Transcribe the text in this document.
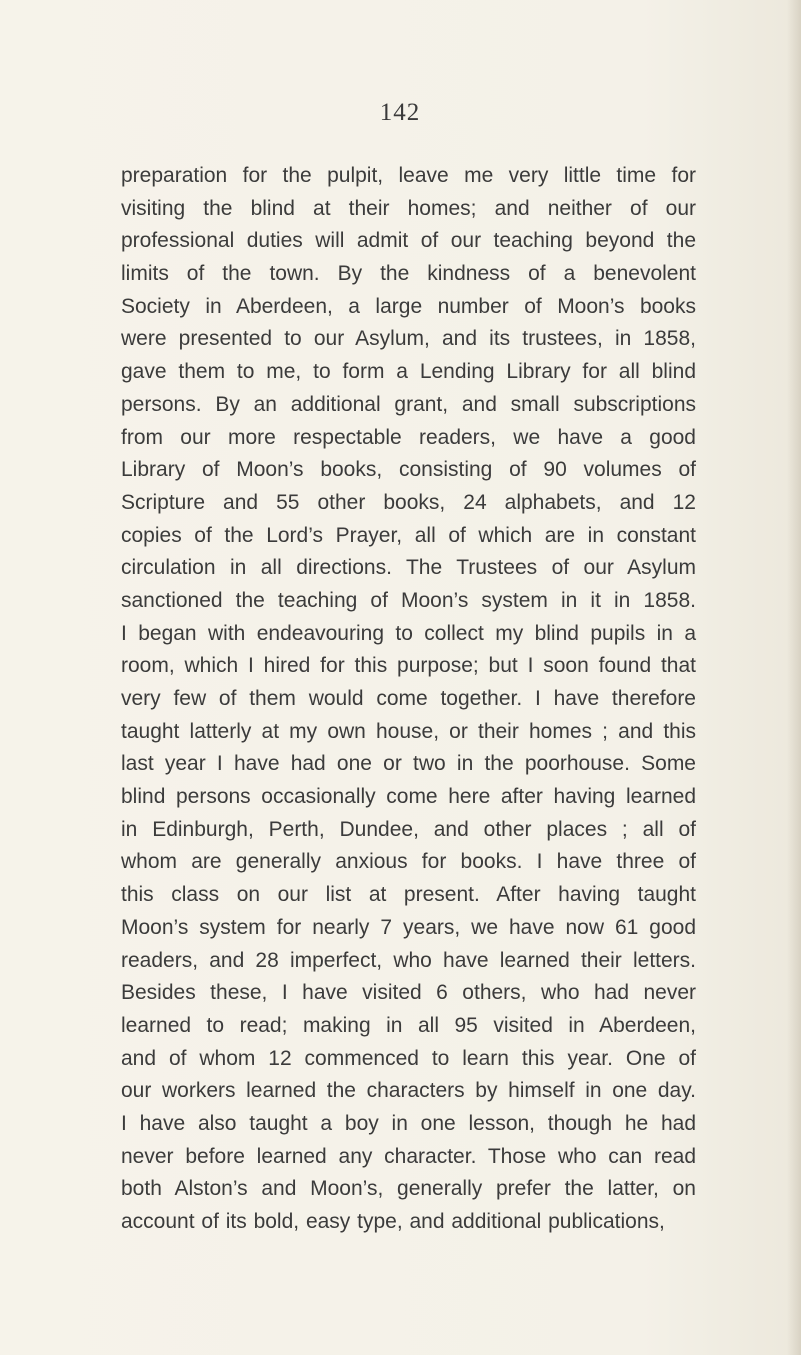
142
preparation for the pulpit, leave me very little time for
visiting the blind at their homes; and neither of our
professional duties will admit of our teaching beyond the
limits of the town. By the kindness of a benevolent
Society in Aberdeen, a large number of Moon’s books
were presented to our Asylum, and its trustees, in 1858,
gave them to me, to form a Lending Library for all blind
persons. By an additional grant, and small subscriptions
from our more respectable readers, we have a good
Library of Moon’s books, consisting of 90 volumes of
Scripture and 55 other books, 24 alphabets, and 12
copies of the Lord’s Prayer, all of which are in constant
circulation in all directions. The Trustees of our Asylum
sanctioned the teaching of Moon’s system in it in 1858.
I began with endeavouring to collect my blind pupils in a
room, which I hired for this purpose; but I soon found that
very few of them would come together. I have therefore
taught latterly at my own house, or their homes ; and this
last year I have had one or two in the poorhouse. Some
blind persons occasionally come here after having learned
in Edinburgh, Perth, Dundee, and other places ; all of
whom are generally anxious for books. I have three of
this class on our list at present. After having taught
Moon’s system for nearly 7 years, we have now 61 good
readers, and 28 imperfect, who have learned their letters.
Besides these, I have visited 6 others, who had never
learned to read; making in all 95 visited in Aberdeen,
and of whom 12 commenced to learn this year. One of
our workers learned the characters by himself in one day.
I have also taught a boy in one lesson, though he had
never before learned any character. Those who can read
both Alston’s and Moon’s, generally prefer the latter, on
account of its bold, easy type, and additional publications,
